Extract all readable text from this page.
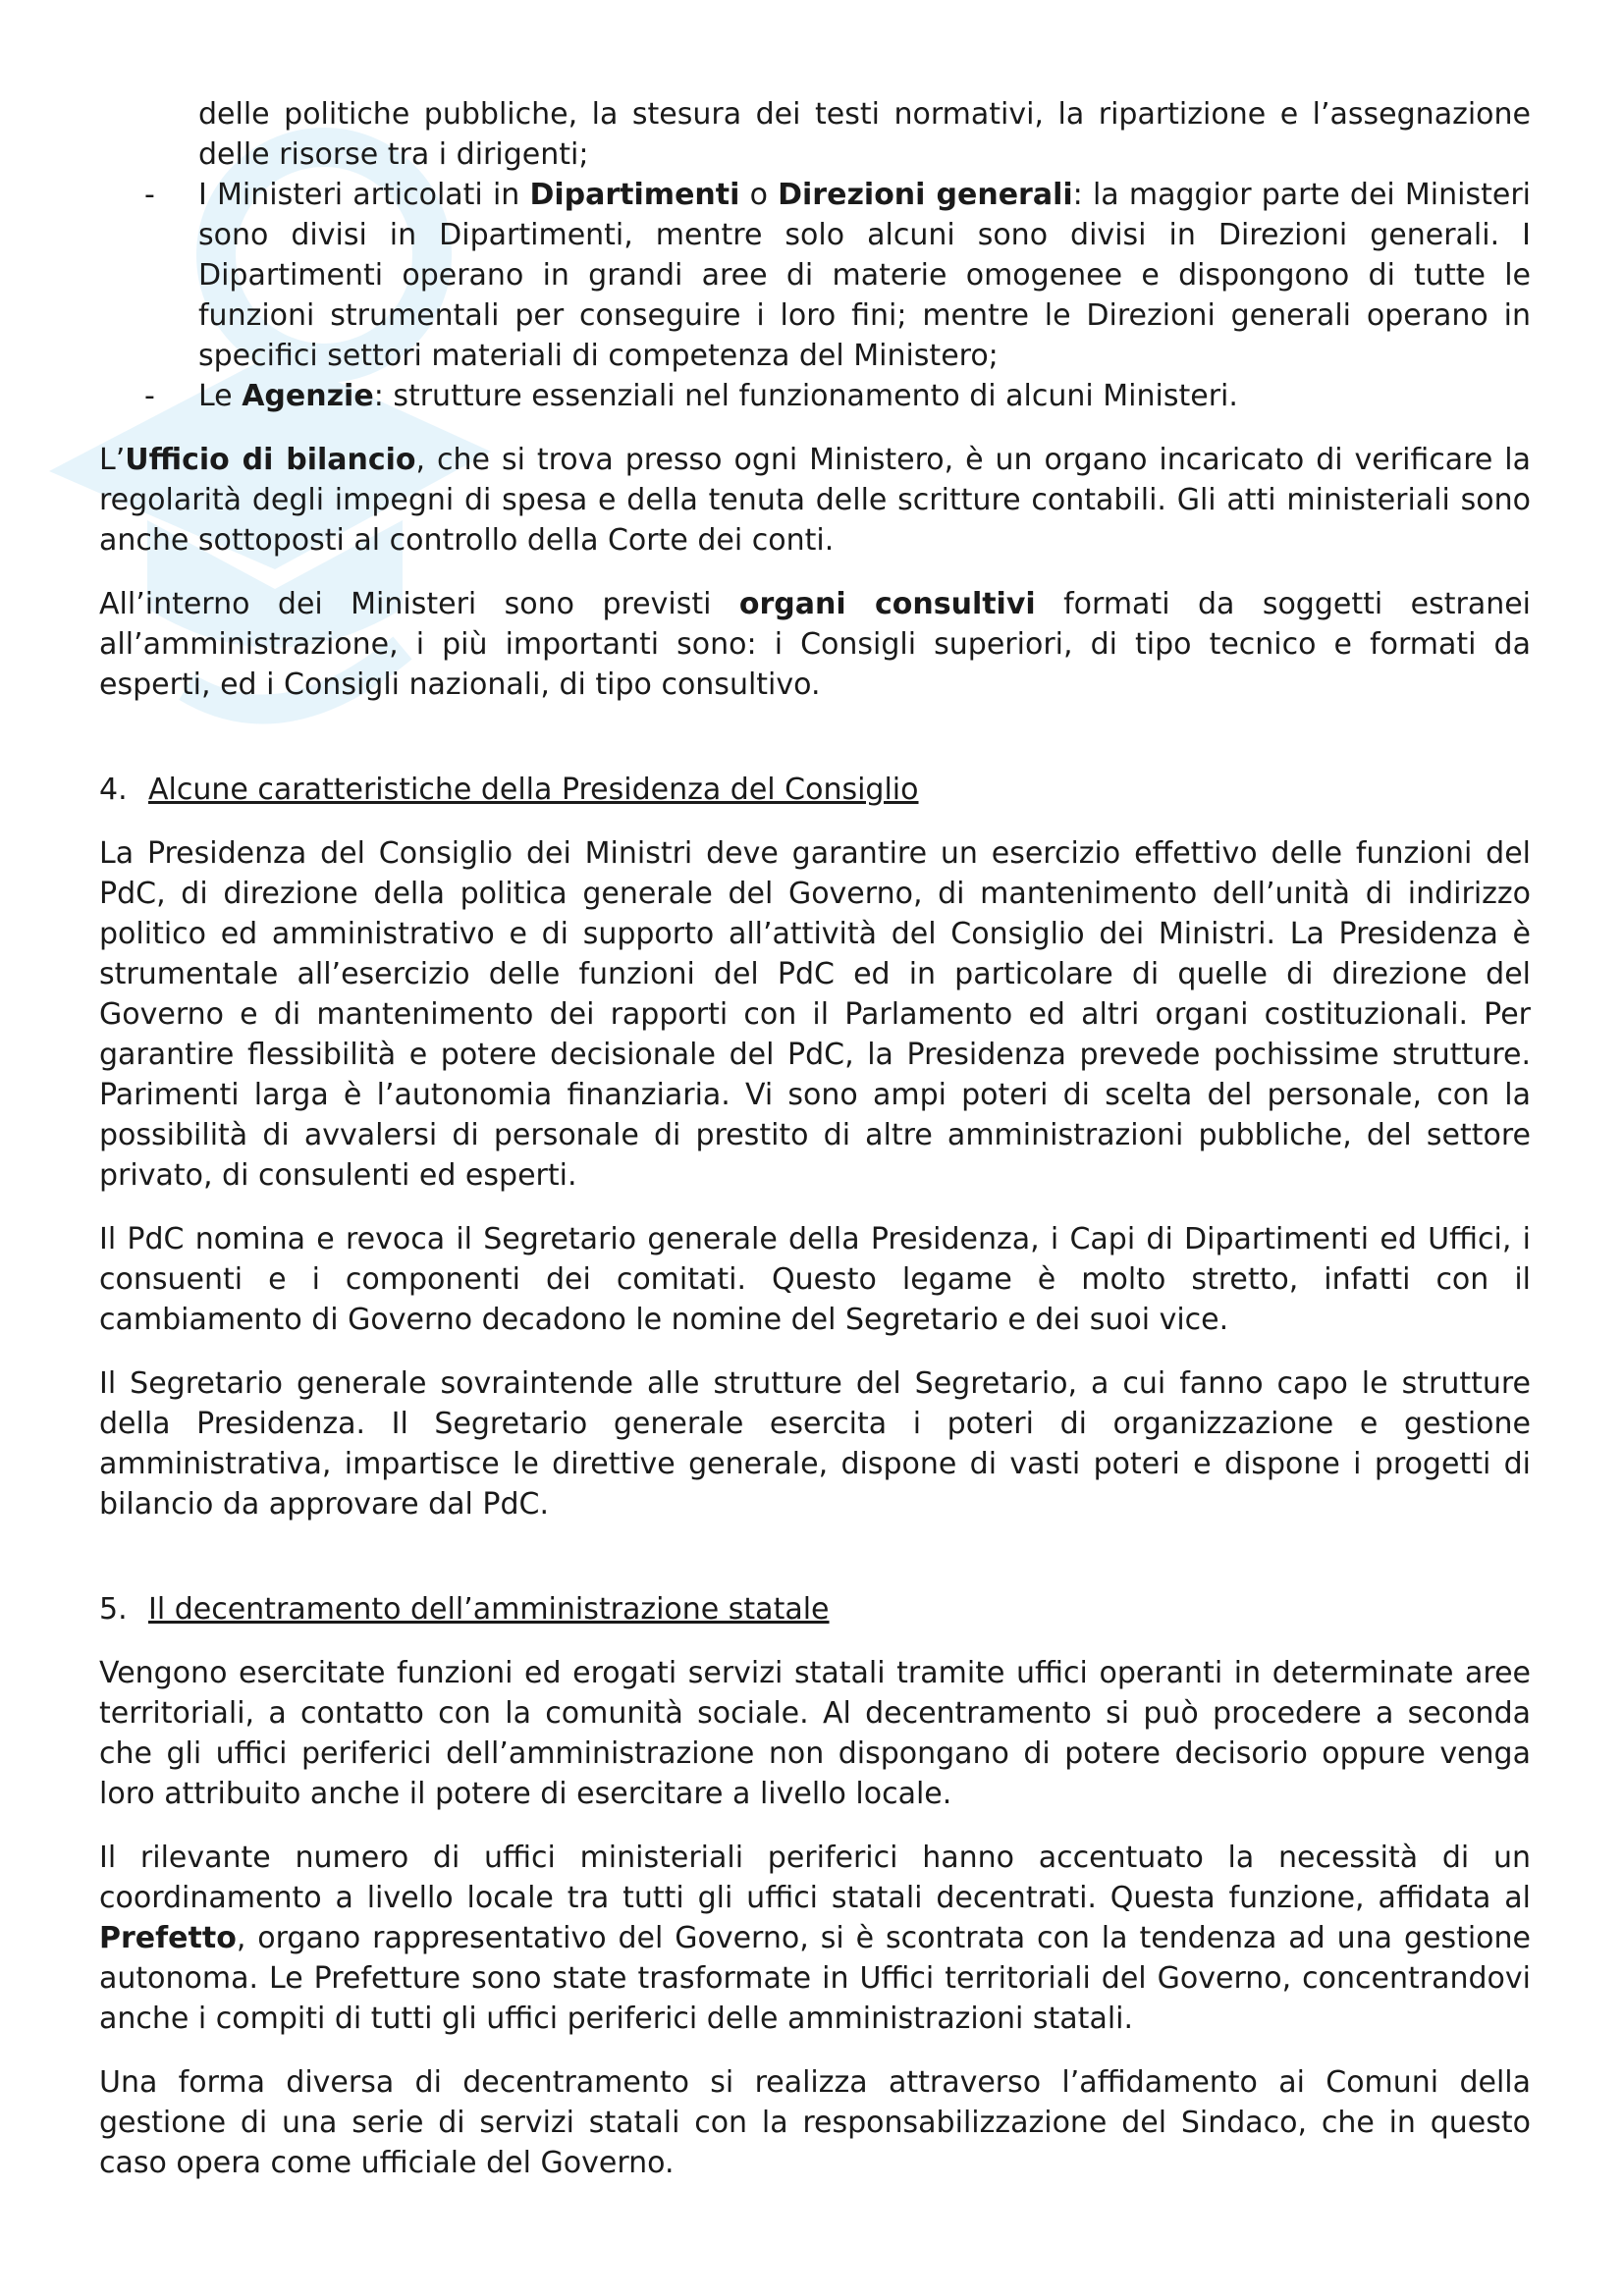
delle politiche pubbliche, la stesura dei testi normativi, la ripartizione e l’assegnazione delle risorse tra i dirigenti;

- I Ministeri articolati in Dipartimenti o Direzioni generali: la maggior parte dei Ministeri sono divisi in Dipartimenti, mentre solo alcuni sono divisi in Direzioni generali. I Dipartimenti operano in grandi aree di materie omogenee e dispongono di tutte le funzioni strumentali per conseguire i loro fini; mentre le Direzioni generali operano in specifici settori materiali di competenza del Ministero;

- Le Agenzie: strutture essenziali nel funzionamento di alcuni Ministeri.

L’Ufficio di bilancio, che si trova presso ogni Ministero, è un organo incaricato di verificare la regolarità degli impegni di spesa e della tenuta delle scritture contabili. Gli atti ministeriali sono anche sottoposti al controllo della Corte dei conti.

All’interno dei Ministeri sono previsti organi consultivi formati da soggetti estranei all’amministrazione, i più importanti sono: i Consigli superiori, di tipo tecnico e formati da esperti, ed i Consigli nazionali, di tipo consultivo.

4. Alcune caratteristiche della Presidenza del Consiglio

La Presidenza del Consiglio dei Ministri deve garantire un esercizio effettivo delle funzioni del PdC, di direzione della politica generale del Governo, di mantenimento dell’unità di indirizzo politico ed amministrativo e di supporto all’attività del Consiglio dei Ministri. La Presidenza è strumentale all’esercizio delle funzioni del PdC ed in particolare di quelle di direzione del Governo e di mantenimento dei rapporti con il Parlamento ed altri organi costituzionali. Per garantire flessibilità e potere decisionale del PdC, la Presidenza prevede pochissime strutture. Parimenti larga è l’autonomia finanziaria. Vi sono ampi poteri di scelta del personale, con la possibilità di avvalersi di personale di prestito di altre amministrazioni pubbliche, del settore privato, di consulenti ed esperti.

Il PdC nomina e revoca il Segretario generale della Presidenza, i Capi di Dipartimenti ed Uffici, i consuenti e i componenti dei comitati. Questo legame è molto stretto, infatti con il cambiamento di Governo decadono le nomine del Segretario e dei suoi vice.

Il Segretario generale sovraintende alle strutture del Segretario, a cui fanno capo le strutture della Presidenza. Il Segretario generale esercita i poteri di organizzazione e gestione amministrativa, impartisce le direttive generale, dispone di vasti poteri e dispone i progetti di bilancio da approvare dal PdC.

5. Il decentramento dell’amministrazione statale

Vengono esercitate funzioni ed erogati servizi statali tramite uffici operanti in determinate aree territoriali, a contatto con la comunità sociale. Al decentramento si può procedere a seconda che gli uffici periferici dell’amministrazione non dispongano di potere decisorio oppure venga loro attribuito anche il potere di esercitare a livello locale.

Il rilevante numero di uffici ministeriali periferici hanno accentuato la necessità di un coordinamento a livello locale tra tutti gli uffici statali decentrati. Questa funzione, affidata al Prefetto, organo rappresentativo del Governo, si è scontrata con la tendenza ad una gestione autonoma. Le Prefetture sono state trasformate in Uffici territoriali del Governo, concentrandovi anche i compiti di tutti gli uffici periferici delle amministrazioni statali.

Una forma diversa di decentramento si realizza attraverso l’affidamento ai Comuni della gestione di una serie di servizi statali con la responsabilizzazione del Sindaco, che in questo caso opera come ufficiale del Governo.
